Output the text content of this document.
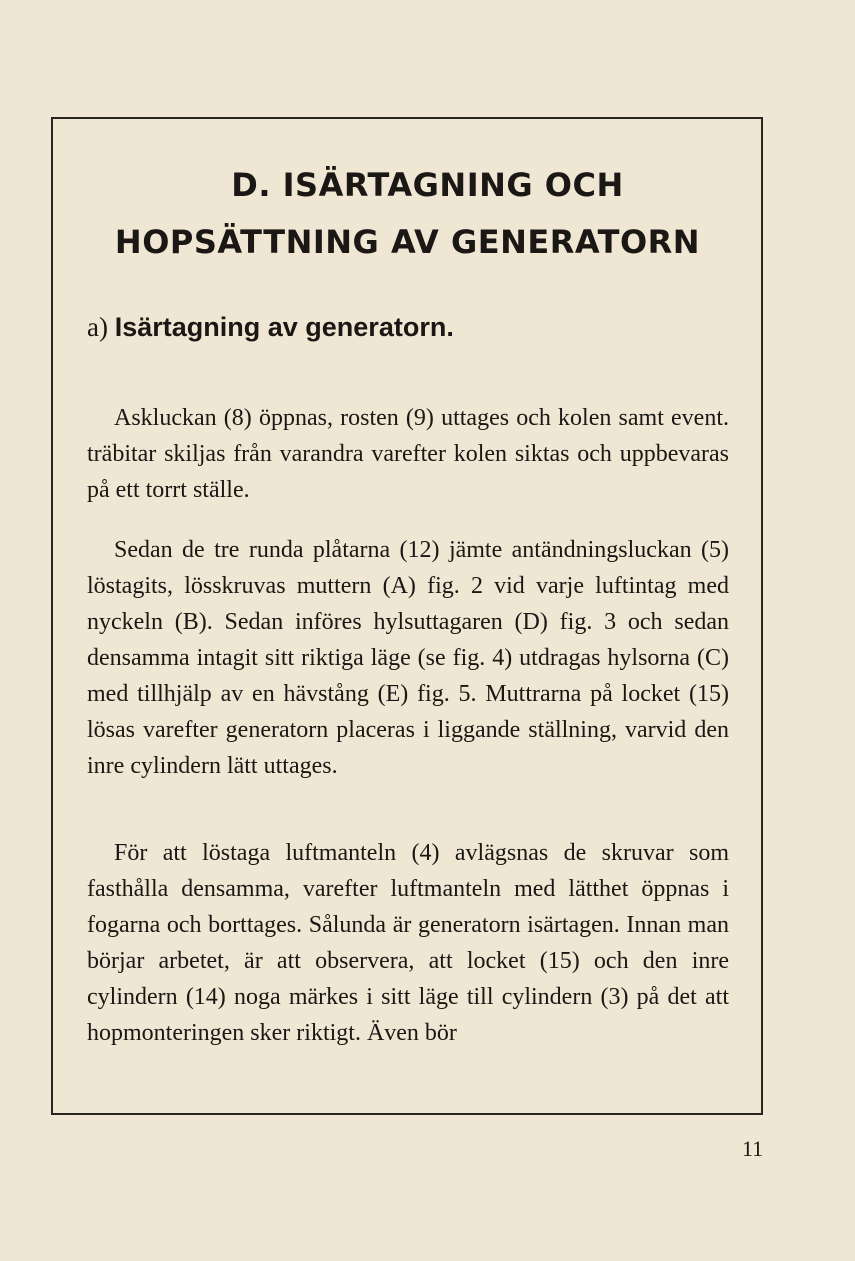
D. ISÄRTAGNING OCH
HOPSÄTTNING AV GENERATORN
a) Isärtagning av generatorn.

Askluckan (8) öppnas, rosten (9) uttages och kolen samt event. träbitar skiljas från varandra varefter kolen siktas och uppbevaras på ett torrt ställe.

Sedan de tre runda plåtarna (12) jämte antändningsluckan (5) löstagits, lösskruvas muttern (A) fig. 2 vid varje luftintag med nyckeln (B). Sedan införes hylsuttagaren (D) fig. 3 och sedan densamma intagit sitt riktiga läge (se fig. 4) utdragas hylsorna (C) med tillhjälp av en hävstång (E) fig. 5. Muttrarna på locket (15) lösas varefter generatorn placeras i liggande ställning, varvid den inre cylindern lätt uttages.

För att löstaga luftmanteln (4) avlägsnas de skruvar som fasthålla densamma, varefter luftmanteln med lätthet öppnas i fogarna och borttages. Sålunda är generatorn isärtagen. Innan man börjar arbetet, är att observera, att locket (15) och den inre cylindern (14) noga märkes i sitt läge till cylindern (3) på det att hopmonteringen sker riktigt. Även bör

11
